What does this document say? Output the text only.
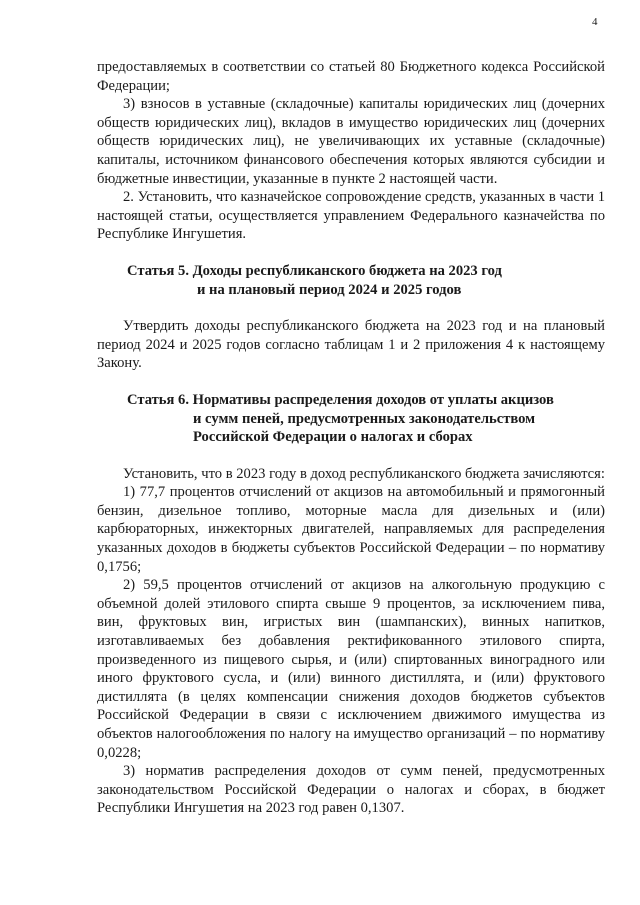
4

предоставляемых в соответствии со статьей 80 Бюджетного кодекса Российской Федерации;

3) взносов в уставные (складочные) капиталы юридических лиц (дочерних обществ юридических лиц), вкладов в имущество юридических лиц (дочерних обществ юридических лиц), не увеличивающих их уставные (складочные) капиталы, источником финансового обеспечения которых являются субсидии и бюджетные инвестиции, указанные в пункте 2 настоящей части.

2. Установить, что казначейское сопровождение средств, указанных в части 1 настоящей статьи, осуществляется управлением Федерального казначейства по Республике Ингушетия.

Статья 5. Доходы республиканского бюджета на 2023 год
и на плановый период 2024 и 2025 годов

Утвердить доходы республиканского бюджета на 2023 год и на плановый период 2024 и 2025 годов согласно таблицам 1 и 2 приложения 4 к настоящему Закону.

Статья 6. Нормативы распределения доходов от уплаты акцизов
и сумм пеней, предусмотренных законодательством
Российской Федерации о налогах и сборах

Установить, что в 2023 году в доход республиканского бюджета зачисляются:

1) 77,7 процентов отчислений от акцизов на автомобильный и прямогонный бензин, дизельное топливо, моторные масла для дизельных и (или) карбюраторных, инжекторных двигателей, направляемых для распределения указанных доходов в бюджеты субъектов Российской Федерации – по нормативу 0,1756;

2) 59,5 процентов отчислений от акцизов на алкогольную продукцию с объемной долей этилового спирта свыше 9 процентов, за исключением пива, вин, фруктовых вин, игристых вин (шампанских), винных напитков, изготавливаемых без добавления ректификованного этилового спирта, произведенного из пищевого сырья, и (или) спиртованных виноградного или иного фруктового сусла, и (или) винного дистиллята, и (или) фруктового дистиллята (в целях компенсации снижения доходов бюджетов субъектов Российской Федерации в связи с исключением движимого имущества из объектов налогообложения по налогу на имущество организаций – по нормативу 0,0228;

3) норматив распределения доходов от сумм пеней, предусмотренных законодательством Российской Федерации о налогах и сборах, в бюджет Республики Ингушетия на 2023 год равен 0,1307.
